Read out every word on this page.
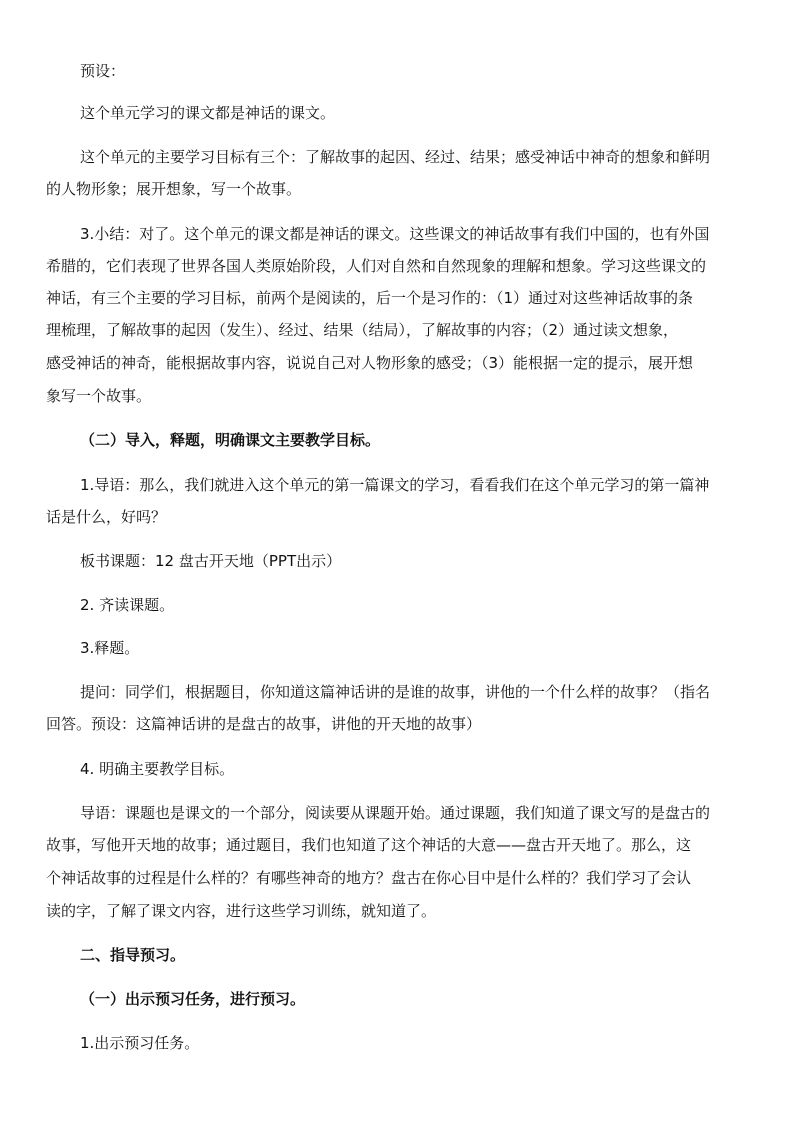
预设：
这个单元学习的课文都是神话的课文。
这个单元的主要学习目标有三个：了解故事的起因、经过、结果；感受神话中神奇的想象和鲜明
的人物形象；展开想象，写一个故事。
3.小结：对了。这个单元的课文都是神话的课文。这些课文的神话故事有我们中国的，也有外国
希腊的，它们表现了世界各国人类原始阶段，人们对自然和自然现象的理解和想象。学习这些课文的
神话，有三个主要的学习目标，前两个是阅读的，后一个是习作的：（1）通过对这些神话故事的条
理梳理，了解故事的起因（发生）、经过、结果（结局），了解故事的内容；（2）通过读文想象，
感受神话的神奇，能根据故事内容，说说自己对人物形象的感受；（3）能根据一定的提示，展开想
象写一个故事。
（二）导入，释题，明确课文主要教学目标。
1.导语：那么，我们就进入这个单元的第一篇课文的学习，看看我们在这个单元学习的第一篇神
话是什么，好吗？
板书课题：12 盘古开天地（PPT出示）
2. 齐读课题。
3.释题。
提问：同学们，根据题目，你知道这篇神话讲的是谁的故事，讲他的一个什么样的故事？（指名
回答。预设：这篇神话讲的是盘古的故事，讲他的开天地的故事）
4. 明确主要教学目标。
导语：课题也是课文的一个部分，阅读要从课题开始。通过课题，我们知道了课文写的是盘古的
故事，写他开天地的故事；通过题目，我们也知道了这个神话的大意——盘古开天地了。那么，这
个神话故事的过程是什么样的？有哪些神奇的地方？盘古在你心目中是什么样的？我们学习了会认
读的字，了解了课文内容，进行这些学习训练，就知道了。
二、指导预习。
（一）出示预习任务，进行预习。
1.出示预习任务。
